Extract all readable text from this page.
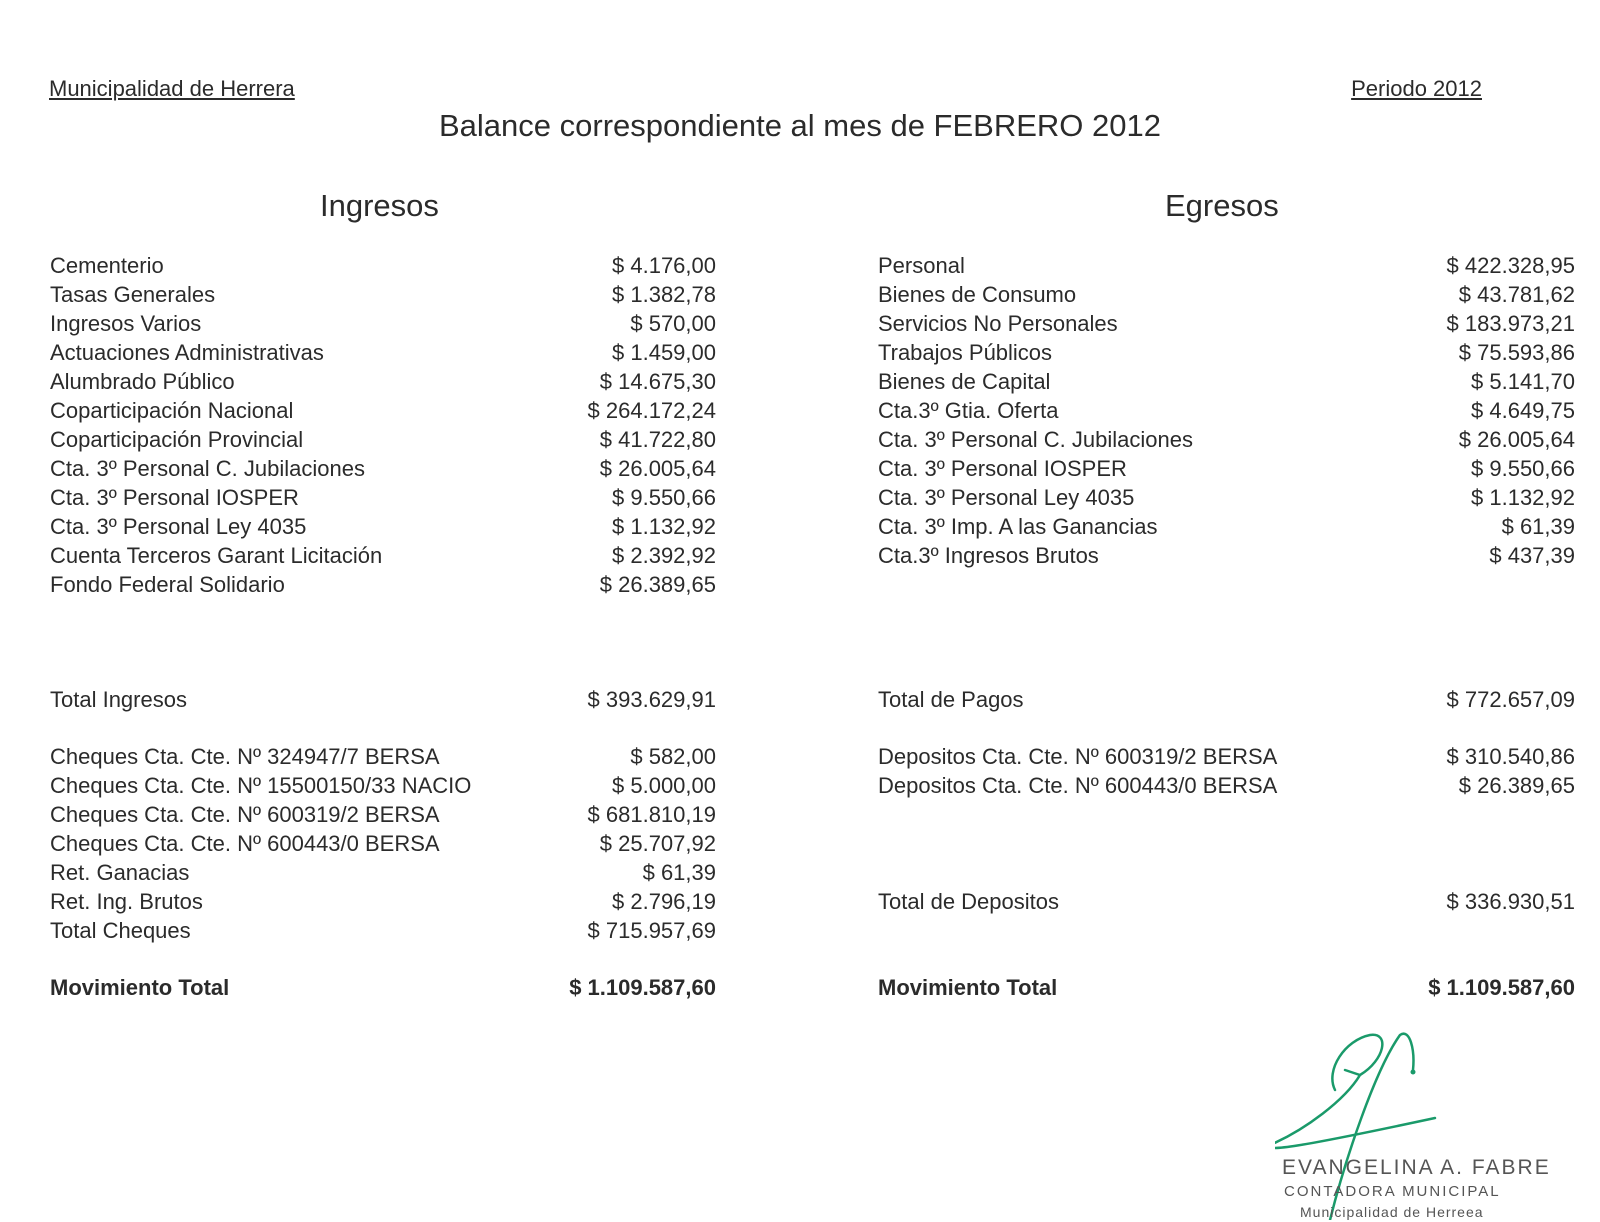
Municipalidad de Herrera	Periodo 2012
Balance correspondiente al mes de FEBRERO 2012
Ingresos	Egresos
Cementerio	$ 4.176,00
Tasas Generales	$ 1.382,78
Ingresos Varios	$ 570,00
Actuaciones Administrativas	$ 1.459,00
Alumbrado Público	$ 14.675,30
Coparticipación Nacional	$ 264.172,24
Coparticipación Provincial	$ 41.722,80
Cta. 3º Personal C. Jubilaciones	$ 26.005,64
Cta. 3º Personal IOSPER	$ 9.550,66
Cta. 3º Personal Ley 4035	$ 1.132,92
Cuenta Terceros Garant Licitación	$ 2.392,92
Fondo Federal Solidario	$ 26.389,65
Total Ingresos	$ 393.629,91
Cheques Cta. Cte. Nº 324947/7 BERSA	$ 582,00
Cheques Cta. Cte. Nº 15500150/33 NACIO	$ 5.000,00
Cheques Cta. Cte. Nº 600319/2 BERSA	$ 681.810,19
Cheques Cta. Cte. Nº 600443/0 BERSA	$ 25.707,92
Ret. Ganacias	$ 61,39
Ret. Ing. Brutos	$ 2.796,19
Total Cheques	$ 715.957,69
Movimiento Total	$ 1.109.587,60
Personal	$ 422.328,95
Bienes de Consumo	$ 43.781,62
Servicios No Personales	$ 183.973,21
Trabajos Públicos	$ 75.593,86
Bienes de Capital	$ 5.141,70
Cta.3º Gtia. Oferta	$ 4.649,75
Cta. 3º Personal C. Jubilaciones	$ 26.005,64
Cta. 3º Personal IOSPER	$ 9.550,66
Cta. 3º Personal Ley 4035	$ 1.132,92
Cta. 3º Imp. A las Ganancias	$ 61,39
Cta.3º Ingresos Brutos	$ 437,39
Total de Pagos	$ 772.657,09
Depositos Cta. Cte. Nº 600319/2 BERSA	$ 310.540,86
Depositos Cta. Cte. Nº 600443/0 BERSA	$ 26.389,65
Total de Depositos	$ 336.930,51
Movimiento Total	$ 1.109.587,60
EVANGELINA A. FABRE
CONTADORA MUNICIPAL
Municipalidad de Herreea
